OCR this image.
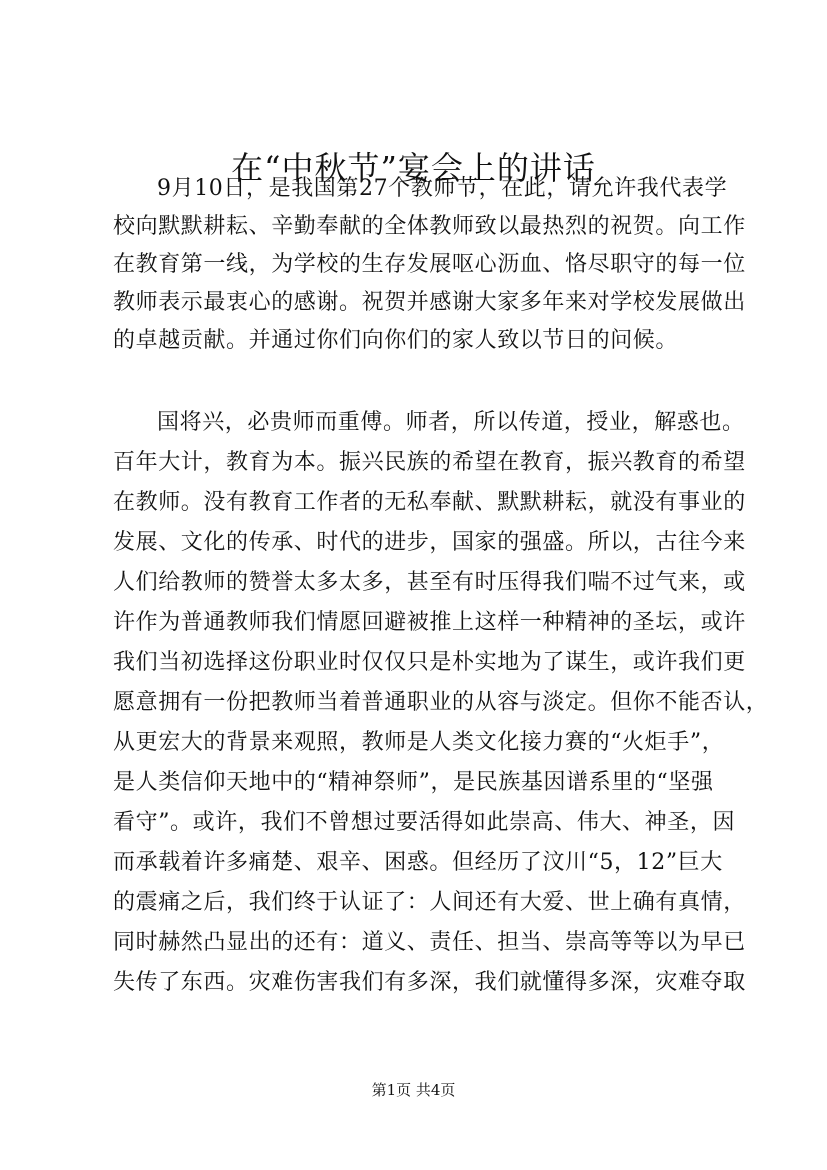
在“中秋节”宴会上的讲话
9月10日，是我国第27个教师节，在此，请允许我代表学
校向默默耕耘、辛勤奉献的全体教师致以最热烈的祝贺。向工作
在教育第一线，为学校的生存发展呕心沥血、恪尽职守的每一位
教师表示最衷心的感谢。祝贺并感谢大家多年来对学校发展做出
的卓越贡献。并通过你们向你们的家人致以节日的问候。
国将兴，必贵师而重傅。师者，所以传道，授业，解惑也。
百年大计，教育为本。振兴民族的希望在教育，振兴教育的希望
在教师。没有教育工作者的无私奉献、默默耕耘，就没有事业的
发展、文化的传承、时代的进步，国家的强盛。所以，古往今来
人们给教师的赞誉太多太多，甚至有时压得我们喘不过气来，或
许作为普通教师我们情愿回避被推上这样一种精神的圣坛，或许
我们当初选择这份职业时仅仅只是朴实地为了谋生，或许我们更
愿意拥有一份把教师当着普通职业的从容与淡定。但你不能否认，
从更宏大的背景来观照，教师是人类文化接力赛的“火炬手”，
是人类信仰天地中的“精神祭师”，是民族基因谱系里的“坚强
看守”。或许，我们不曾想过要活得如此崇高、伟大、神圣，因
而承载着许多痛楚、艰辛、困惑。但经历了汶川“5，12”巨大
的震痛之后，我们终于认证了：人间还有大爱、世上确有真情，
同时赫然凸显出的还有：道义、责任、担当、崇高等等以为早已
失传了东西。灾难伤害我们有多深，我们就懂得多深，灾难夺取
第1页 共4页
